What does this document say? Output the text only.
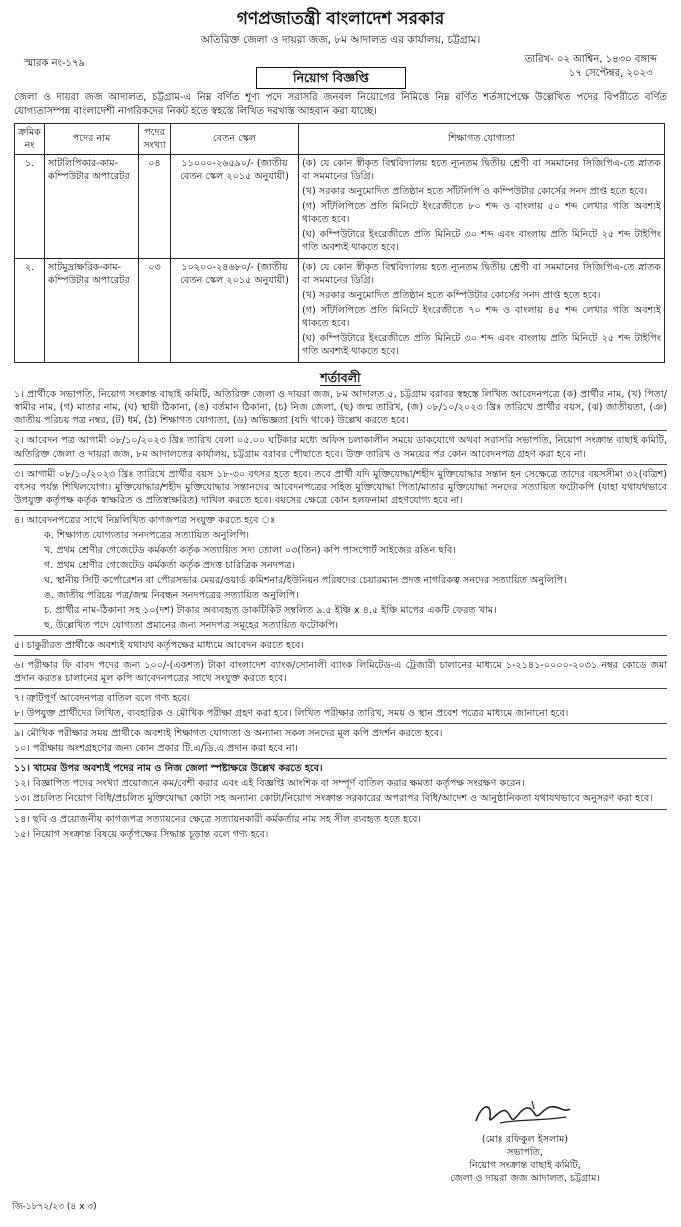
গণপ্রজাতন্ত্রী বাংলাদেশ সরকার
অতিরিক্ত জেলা ও দায়রা জজ, ৮ম আদালত এর কার্যালয়, চট্টগ্রাম।
স্মারক নং-১৭৯
নিয়োগ বিজ্ঞপ্তি
তারিখ- ০২ আশ্বিন, ১৪৩০ বঙ্গাব্দ
১৭ সেপ্টেম্বর, ২০২৩
জেলা ও দায়রা জজ আদালত, চট্টগ্রাম-এ নিম্ন বর্ণিত শূণ্য পদে সরাসরি জনবল নিয়োগের নিমিত্তে নিম্ন বর্ণিত শর্তসাপেক্ষে উল্লেখিত পদের বিপরীতে বর্ণিত যোগ্যতাসম্পন্ন বাংলাদেশী নাগরিকদের নিকট হতে স্বহস্তে লিখিত দরখাস্ত আহবান করা যাচ্ছে।
ক্রমিক নং	পদের নাম	পদের সংখ্যা	বেতন স্কেল	শিক্ষাগত যোগ্যতা
১.	সাটলিপিকার-কাম-কম্পিউটার অপারেটর	০৪	১১০০০-২৬৫৯০/- (জাতীয় বেতন স্কেল ২০১৫ অনুযায়ী)	(ক) যে কোন স্বীকৃত বিশ্ববিদ্যালয় হতে ন্যূনতম দ্বিতীয় শ্রেণী বা সমমানের সিজিপিএ-তে স্নাতক বা সমমানের ডিগ্রি।
(খ) সরকার অনুমোদিত প্রতিষ্ঠান হতে সাঁটলিপি ও কম্পিউটার কোর্সের সনদ প্রাপ্ত হতে হবে।
(গ) সাঁটলিপিতে প্রতি মিনিটে ইংরেজীতে ৮০ শব্দ ও বাংলায় ৫০ শব্দ লেখার গতি অবশ্যই থাকতে হবে।
(ঘ) কম্পিউটারে ইংরেজীতে প্রতি মিনিটে ৩০ শব্দ এবং বাংলায় প্রতি মিনিটে ২৫ শব্দ টাইপিং গতি অবশ্যই থাকতে হবে।

২.	সাটমুদ্রাক্ষরিক-কাম-কম্পিউটার অপারেটর	০৩	১০২০০-২৪৬৮০/- (জাতীয় বেতন স্কেল ২০১৫ অনুযায়ী)	(ক) যে কোন স্বীকৃত বিশ্ববিদ্যালয় হতে ন্যূনতম দ্বিতীয় শ্রেণী বা সমমানের সিজিপিএ-তে স্নাতক বা সমমানের ডিগ্রি।
(খ) সরকার অনুমোদিত প্রতিষ্ঠান হতে কম্পিউটার কোর্সের সনদ প্রাপ্ত হতে হবে।
(গ) সাঁটলিপিতে প্রতি মিনিটে ইংরেজীতে ৭০ শব্দ ও বাংলায় ৪৫ শব্দ লেখার গতি অবশ্যই থাকতে হবে।
(ঘ) কম্পিউটারে ইংরেজীতে প্রতি মিনিটে ৩০ শব্দ এবং বাংলায় প্রতি মিনিটে ২৫ শব্দ টাইপিং গতি অবশ্যই থাকতে হবে।
শর্তাবলী
১। প্রার্থীকে সভাপতি, নিয়োগ সংক্রান্ত বাছাই কমিটি, অতিরিক্ত জেলা ও দায়রা জজ, ৮ম আদালত ৫, চট্টগ্রাম বরাবর স্বহস্তে লিখিত আবেদনপত্রে (ক) প্রার্থীর নাম, (খ) পিতা/স্বামীর নাম, (গ) মাতার নাম, (ঘ) স্থায়ী ঠিকানা, (ঙ) বর্তমান ঠিকানা, (চ) নিজ জেলা, (ছ) জন্ম তারিখ, (জ) ০৮/১০/২০২৩ খ্রিঃ তারিখে প্রার্থীর বয়স, (ঝ) জাতীয়তা, (ঞ) জাতীয় পরিচয় পত্র নম্বর, (ট) ধর্ম, (ঠ) শিক্ষাগত যোগ্যতা, (ড) অভিজ্ঞতা (যদি থাকে) উল্লেখ করতে হবে।
২। আবেদন পত্র আগামী ০৮/১০/২০২৩ খ্রিঃ তারিখ বেলা ০৫.০০ ঘটিকার মধ্যে অফিস চলাকালীন সময়ে ডাকযোগে অথবা সরাসরি সভাপতি, নিয়োগ সংক্রান্ত বাছাই কমিটি, অতিরিক্ত জেলা ও দায়রা জজ, ৮ম আদালতের কার্যালয়, চট্টগ্রাম বরাবর পৌছাতে হবে। উক্ত তারিখ ও সময়ের পর কোন আবেদনপত্র গ্রহণ করা হবে না।
৩। আগামী ০৮/১০/২০২৩ খ্রিঃ তারিখে প্রার্থীর বয়স ১৮-৩০ বৎসর হতে হবে। তবে প্রার্থী যদি মুক্তিযোদ্ধা/শহীদ মুক্তিযোদ্ধার সন্তান হন সেক্ষেত্রে তাদের বয়সসীমা ৩২(বত্রিশ) বৎসর পর্যন্ত শিথিলযোগ্য। মুক্তিযোদ্ধার/শহীদ মুক্তিযোদ্ধার সন্তানদের আবেদনপত্রের সহিত মুক্তিযোদ্ধা পিতা/মাতার মুক্তিযোদ্ধা সনদের সত্যায়িত ফটোকপি (যাহা যথাযথভাবে উপযুক্ত কর্তৃপক্ষ কর্তৃক স্বাক্ষরিত ও প্রতিস্বাক্ষরিত) দাখিল করতে হবে। বয়সের ক্ষেত্রে কোন হলফনামা গ্রহণযোগ্য হবে না।
৪। আবেদনপত্রের সাথে নিম্নলিখিত কাগজপত্র সংযুক্ত করতে হবে ঃ
ক. শিক্ষাগত যোগ্যতার সনদপত্রের সত্যায়িত অনুলিপি।
খ. প্রথম শ্রেণীর গেজেটেড কর্মকর্তা কর্তৃক সত্যায়িত সদ্য তোলা ০৩(তিন) কপি পাসপোর্ট সাইজের রঙিন ছবি।
গ. প্রথম শ্রেণীর গেজেটেড কর্মকর্তা কর্তৃক প্রদত্ত চারিত্রিক সনদপত্র।
ঘ. স্থানীয় সিটি কর্পোরেশন বা পৌরসভার মেয়র/ওয়ার্ড কমিশনার/ইউনিয়ন পরিষদের চেয়ারম্যান প্রদত্ত নাগরিকত্ব সনদের সত্যায়িত অনুলিপি।
ঙ. জাতীয় পরিচয় পত্র/জন্ম নিবন্ধন সনদপত্রের সত্যায়িত অনুলিপি।
চ. প্রার্থীর নাম-ঠিকানা সহ ১০(দশ) টাকার অব্যবহৃত ডাকটিকিট সম্বলিত ৯.৫ ইঞ্চি x ৪.৫ ইঞ্চি মাপের একটি ফেরত খাম।
ছ. উল্লেখিত পদে যোগ্যতা প্রমানের জন্য সনদপত্র সমূহের সত্যায়িত ফটোকপি।
৫। চাকুরীরত প্রার্থীকে অবশ্যই যথাযথ কর্তৃপক্ষের মাধ্যমে আবেদন করতে হবে।
৬। পরীক্ষার ফি বাবদ পদের জন্য ১০০/-(একশত) টাকা বাংলাদেশ ব্যাংক/সোনালী ব্যাংক লিমিটেড-এ ট্রেজারী চালানের মাধ্যমে ১-২১৪১-০০০০-২০৩১ নম্বর কোডে জমা প্রদান করতঃ চালানের মূল কপি আবেদনপত্রের সাথে সংযুক্ত করতে হবে।
৭। ত্রুটিপূর্ণ আবেদনপত্র বাতিল বলে গণ্য হবে।
৮। উপযুক্ত প্রার্থীদের লিখিত, ব্যবহারিক ও মৌখিক পরীক্ষা গ্রহণ করা হবে। লিখিত পরীক্ষার তারিখ, সময় ও স্থান প্রবেশ পত্রের মাধ্যমে জানানো হবে।
৯। মৌখিক পরীক্ষার সময় প্রার্থীকে অবশ্যই শিক্ষাগত যোগ্যতা ও অন্যান্য সকল সনদের মূল কপি প্রদর্শন করতে হবে।
১০। পরীক্ষায় অংশগ্রহণের জন্য কোন প্রকার টি.এ/ডি.এ প্রদান করা হবে না।
১১। খামের উপর অবশ্যই পদের নাম ও নিজ জেলা স্পষ্টাক্ষরে উল্লেখ করতে হবে।
১২। বিজ্ঞাপিত পদের সংখ্যা প্রয়োজনে কম/বেশী করার এবং এই বিজ্ঞপ্তি আংশিক বা সম্পূর্ণ বাতিল করার ক্ষমতা কর্তৃপক্ষ সংরক্ষণ করেন।
১৩। প্রচলিত নিয়োগ বিধি/প্রচলিত মুক্তিযোদ্ধা কোটা সহ অন্যান্য কোটা/নিয়োগ সংক্রান্ত সরকারের অপরাপর বিধি/আদেশ ও আনুষ্ঠানিকতা যথাযথভাবে অনুসরণ করা হবে।
১৪। ছবি ও প্রয়োজনীয় কাগজপত্র সত্যায়নের ক্ষেত্রে সত্যায়নকারী কর্মকর্তার নাম সহ সীল ব্যবহৃত হতে হবে।
১৫। নিয়োগ সংক্রান্ত বিষয়ে কর্তৃপক্ষের সিদ্ধান্ত চূড়ান্ত বলে গণ্য হবে।
(মোঃ রফিকুল ইসলাম)
সভাপতি,
নিয়োগ সংক্রান্ত বাছাই কমিটি,
জেলা ও দায়রা জজ আদালত, চট্টগ্রাম।
জি-১৮৭২/২৩ (৪ x ৩)
